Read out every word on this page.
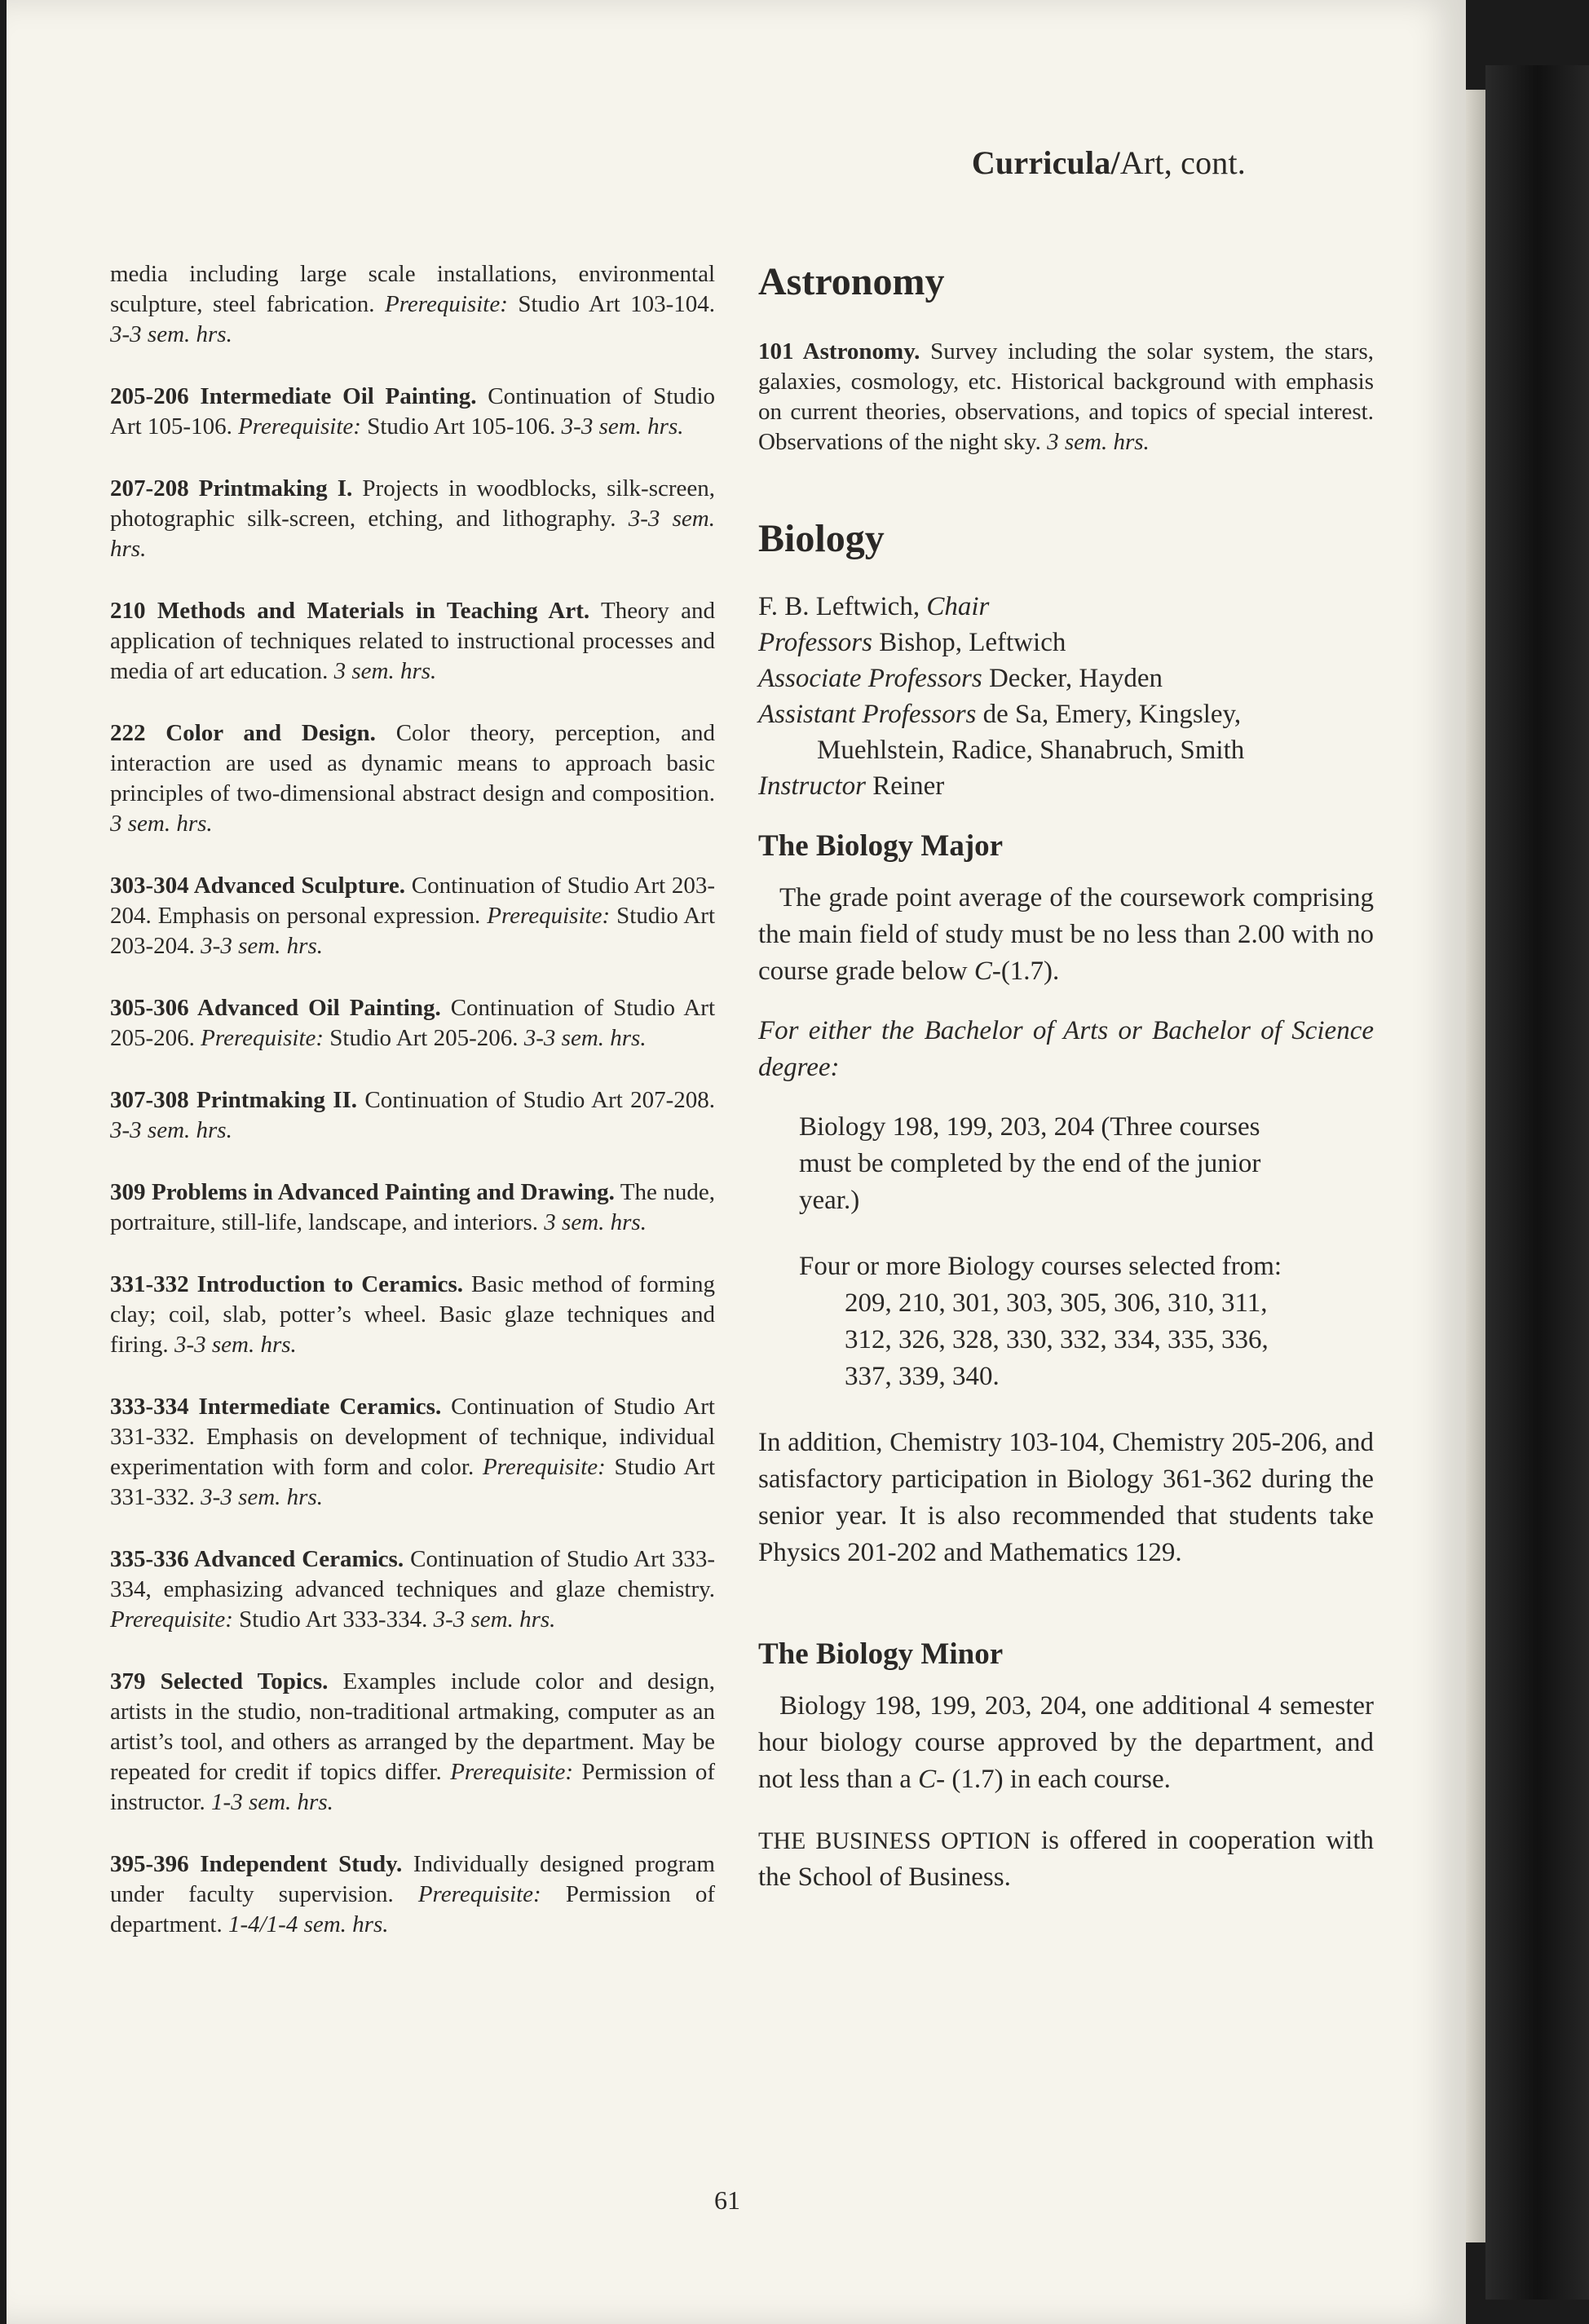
Curricula/Art, cont.

media including large scale installations, environmental sculpture, steel fabrication. Prerequisite: Studio Art 103-104. 3-3 sem. hrs.

205-206 Intermediate Oil Painting. Continuation of Studio Art 105-106. Prerequisite: Studio Art 105-106. 3-3 sem. hrs.

207-208 Printmaking I. Projects in woodblocks, silk-screen, photographic silk-screen, etching, and lithography. 3-3 sem. hrs.

210 Methods and Materials in Teaching Art. Theory and application of techniques related to instructional processes and media of art education. 3 sem. hrs.

222 Color and Design. Color theory, perception, and interaction are used as dynamic means to approach basic principles of two-dimensional abstract design and composition. 3 sem. hrs.

303-304 Advanced Sculpture. Continuation of Studio Art 203-204. Emphasis on personal expression. Prerequisite: Studio Art 203-204. 3-3 sem. hrs.

305-306 Advanced Oil Painting. Continuation of Studio Art 205-206. Prerequisite: Studio Art 205-206. 3-3 sem. hrs.

307-308 Printmaking II. Continuation of Studio Art 207-208. 3-3 sem. hrs.

309 Problems in Advanced Painting and Drawing. The nude, portraiture, still-life, landscape, and interiors. 3 sem. hrs.

331-332 Introduction to Ceramics. Basic method of forming clay; coil, slab, potter’s wheel. Basic glaze techniques and firing. 3-3 sem. hrs.

333-334 Intermediate Ceramics. Continuation of Studio Art 331-332. Emphasis on development of technique, individual experimentation with form and color. Prerequisite: Studio Art 331-332. 3-3 sem. hrs.

335-336 Advanced Ceramics. Continuation of Studio Art 333-334, emphasizing advanced techniques and glaze chemistry. Prerequisite: Studio Art 333-334. 3-3 sem. hrs.

379 Selected Topics. Examples include color and design, artists in the studio, non-traditional artmaking, computer as an artist’s tool, and others as arranged by the department. May be repeated for credit if topics differ. Prerequisite: Permission of instructor. 1-3 sem. hrs.

395-396 Independent Study. Individually designed program under faculty supervision. Prerequisite: Permission of department. 1-4/1-4 sem. hrs.

Astronomy

101 Astronomy. Survey including the solar system, the stars, galaxies, cosmology, etc. Historical background with emphasis on current theories, observations, and topics of special interest. Observations of the night sky. 3 sem. hrs.

Biology
F. B. Leftwich, Chair
Professors Bishop, Leftwich
Associate Professors Decker, Hayden
Assistant Professors de Sa, Emery, Kingsley,
Muehlstein, Radice, Shanabruch, Smith
Instructor Reiner
The Biology Major

The grade point average of the coursework comprising the main field of study must be no less than 2.00 with no course grade below C-(1.7).

For either the Bachelor of Arts or Bachelor of Science degree:

Biology 198, 199, 203, 204 (Three courses
must be completed by the end of the junior
year.)
Four or more Biology courses selected from:
209, 210, 301, 303, 305, 306, 310, 311,
312, 326, 328, 330, 332, 334, 335, 336,
337, 339, 340.

In addition, Chemistry 103-104, Chemistry 205-206, and satisfactory participation in Biology 361-362 during the senior year. It is also recommended that students take Physics 201-202 and Mathematics 129.

The Biology Minor

Biology 198, 199, 203, 204, one additional 4 semester hour biology course approved by the department, and not less than a C- (1.7) in each course.

THE BUSINESS OPTION is offered in cooperation with the School of Business.

61
